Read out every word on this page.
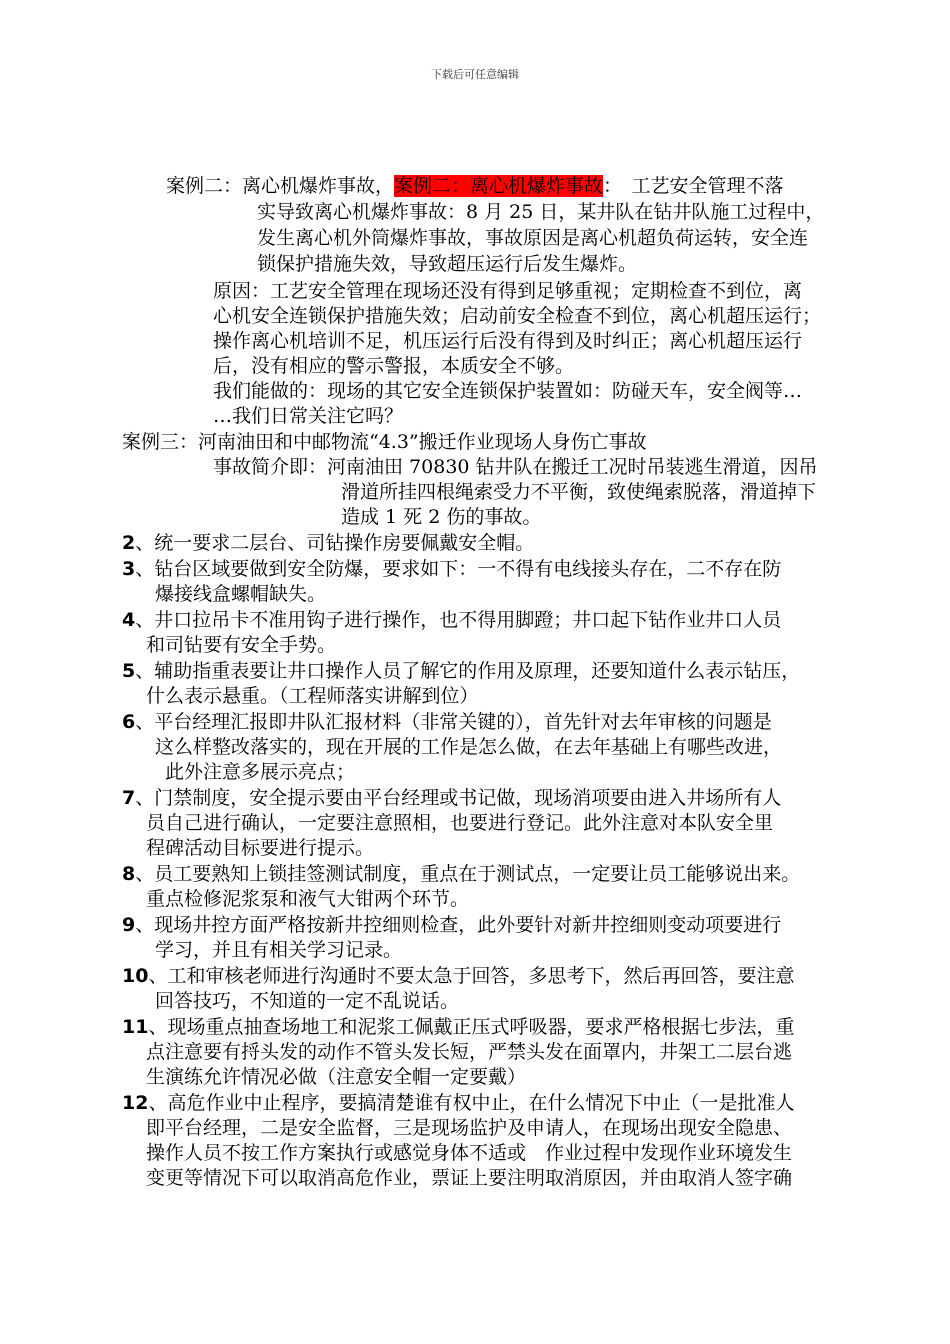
下载后可任意编辑
案例二：离心机爆炸事故，案例二：离心机爆炸事故：　工艺安全管理不落
实导致离心机爆炸事故：8 月 25 日，某井队在钻井队施工过程中，
发生离心机外筒爆炸事故，事故原因是离心机超负荷运转，安全连
锁保护措施失效，导致超压运行后发生爆炸。
原因：工艺安全管理在现场还没有得到足够重视；定期检查不到位，离
心机安全连锁保护措施失效；启动前安全检查不到位，离心机超压运行；
操作离心机培训不足，机压运行后没有得到及时纠正；离心机超压运行
后，没有相应的警示警报，本质安全不够。
我们能做的：现场的其它安全连锁保护装置如：防碰天车，安全阀等…
…我们日常关注它吗？
案例三：河南油田和中邮物流“4.3”搬迁作业现场人身伤亡事故
事故简介即：河南油田 70830 钻井队在搬迁工况时吊装逃生滑道，因吊
滑道所挂四根绳索受力不平衡，致使绳索脱落，滑道掉下
造成 1 死 2 伤的事故。
2、统一要求二层台、司钻操作房要佩戴安全帽。
3、钻台区域要做到安全防爆，要求如下：一不得有电线接头存在，二不存在防
爆接线盒螺帽缺失。
4、井口拉吊卡不准用钩子进行操作，也不得用脚蹬；井口起下钻作业井口人员
和司钻要有安全手势。
5、辅助指重表要让井口操作人员了解它的作用及原理，还要知道什么表示钻压，
什么表示悬重。（工程师落实讲解到位）
6、平台经理汇报即井队汇报材料（非常关键的），首先针对去年审核的问题是
这么样整改落实的，现在开展的工作是怎么做，在去年基础上有哪些改进，
此外注意多展示亮点；
7、门禁制度，安全提示要由平台经理或书记做，现场消项要由进入井场所有人
员自己进行确认，一定要注意照相，也要进行登记。此外注意对本队安全里
程碑活动目标要进行提示。
8、员工要熟知上锁挂签测试制度，重点在于测试点，一定要让员工能够说出来。
重点检修泥浆泵和液气大钳两个环节。
9、现场井控方面严格按新井控细则检查，此外要针对新井控细则变动项要进行
学习，并且有相关学习记录。
10、工和审核老师进行沟通时不要太急于回答，多思考下，然后再回答，要注意
回答技巧，不知道的一定不乱说话。
11、现场重点抽查场地工和泥浆工佩戴正压式呼吸器，要求严格根据七步法，重
点注意要有捋头发的动作不管头发长短，严禁头发在面罩内，井架工二层台逃
生演练允许情况必做（注意安全帽一定要戴）
12、高危作业中止程序，要搞清楚谁有权中止，在什么情况下中止（一是批准人
即平台经理，二是安全监督，三是现场监护及申请人，在现场出现安全隐患、
操作人员不按工作方案执行或感觉身体不适或　作业过程中发现作业环境发生
变更等情况下可以取消高危作业，票证上要注明取消原因，并由取消人签字确
